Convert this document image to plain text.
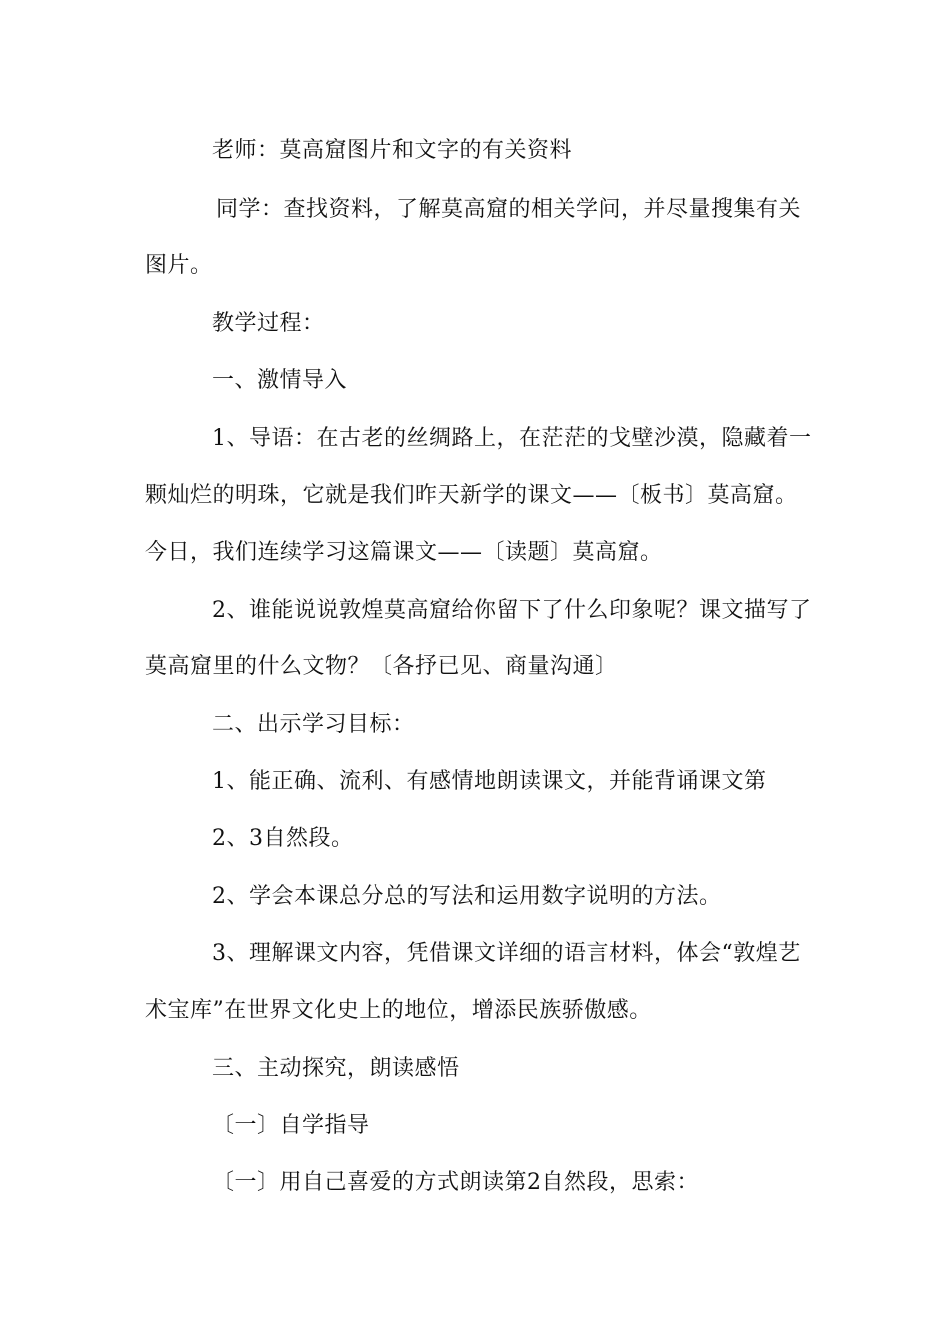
老师：莫高窟图片和文字的有关资料
同学：查找资料，了解莫高窟的相关学问，并尽量搜集有关
图片。
教学过程：
一、激情导入
1、导语：在古老的丝绸路上，在茫茫的戈壁沙漠，隐藏着一
颗灿烂的明珠，它就是我们昨天新学的课文——〔板书〕莫高窟。
今日，我们连续学习这篇课文——〔读题〕莫高窟。
2、谁能说说敦煌莫高窟给你留下了什么印象呢？课文描写了
莫高窟里的什么文物？〔各抒已见、商量沟通〕
二、出示学习目标：
1、能正确、流利、有感情地朗读课文，并能背诵课文第
2、3自然段。
2、学会本课总分总的写法和运用数字说明的方法。
3、理解课文内容，凭借课文详细的语言材料，体会“敦煌艺
术宝库”在世界文化史上的地位，增添民族骄傲感。
三、主动探究，朗读感悟
〔一〕自学指导
〔一〕用自己喜爱的方式朗读第2自然段，思索：
